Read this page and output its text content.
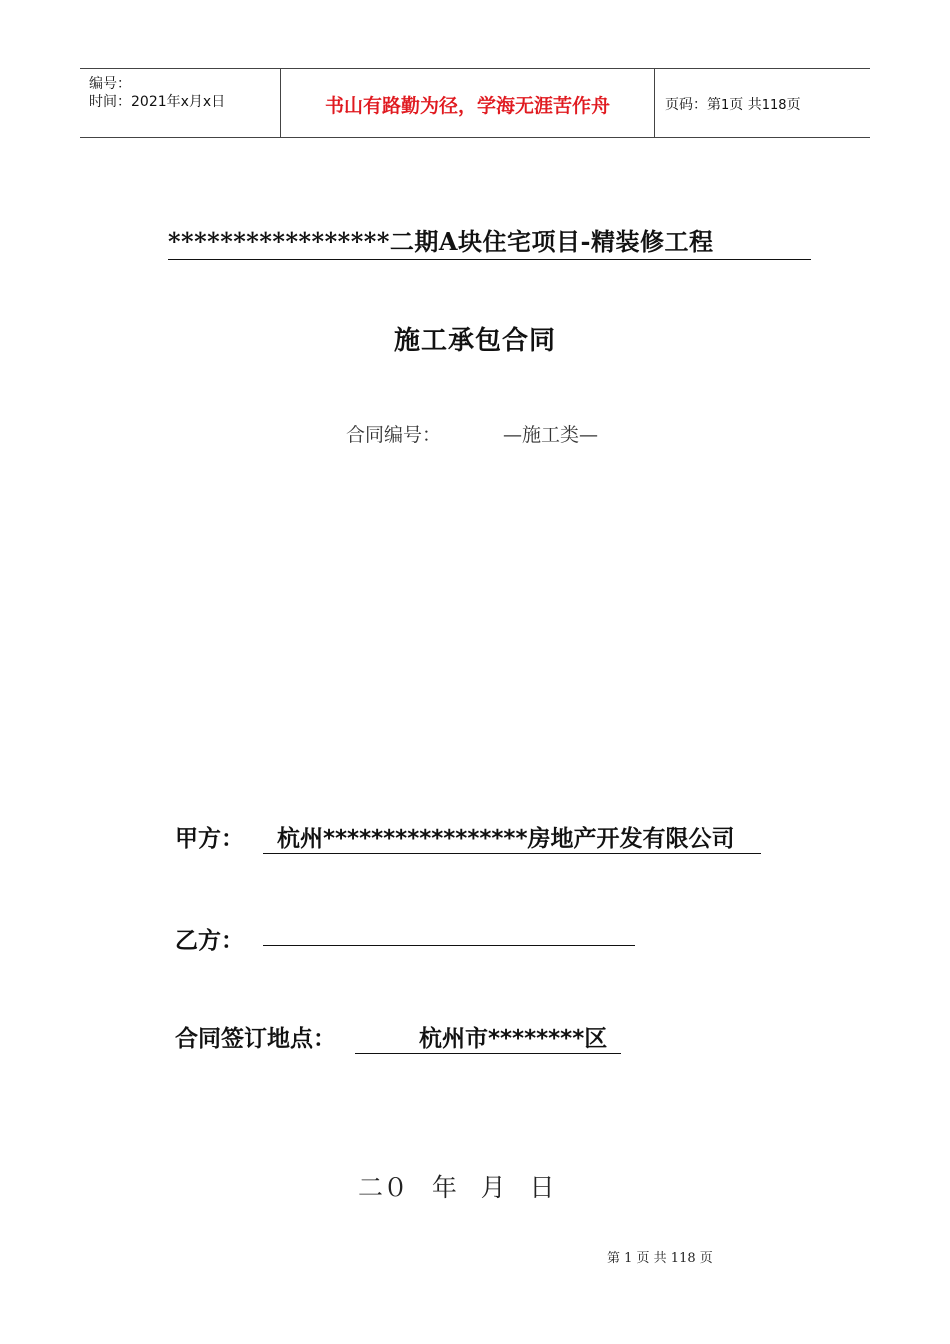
编号：
时间：2021年x月x日	书山有路勤为径，学海无涯苦作舟	页码：第1页 共118页
*****************二期A块住宅项目-精装修工程
施工承包合同
合同编号：	—施工类—
甲方：	杭州*****************房地产开发有限公司
乙方：
合同签订地点：	杭州市********区
二０   年   月   日
第 1 页 共 118 页
